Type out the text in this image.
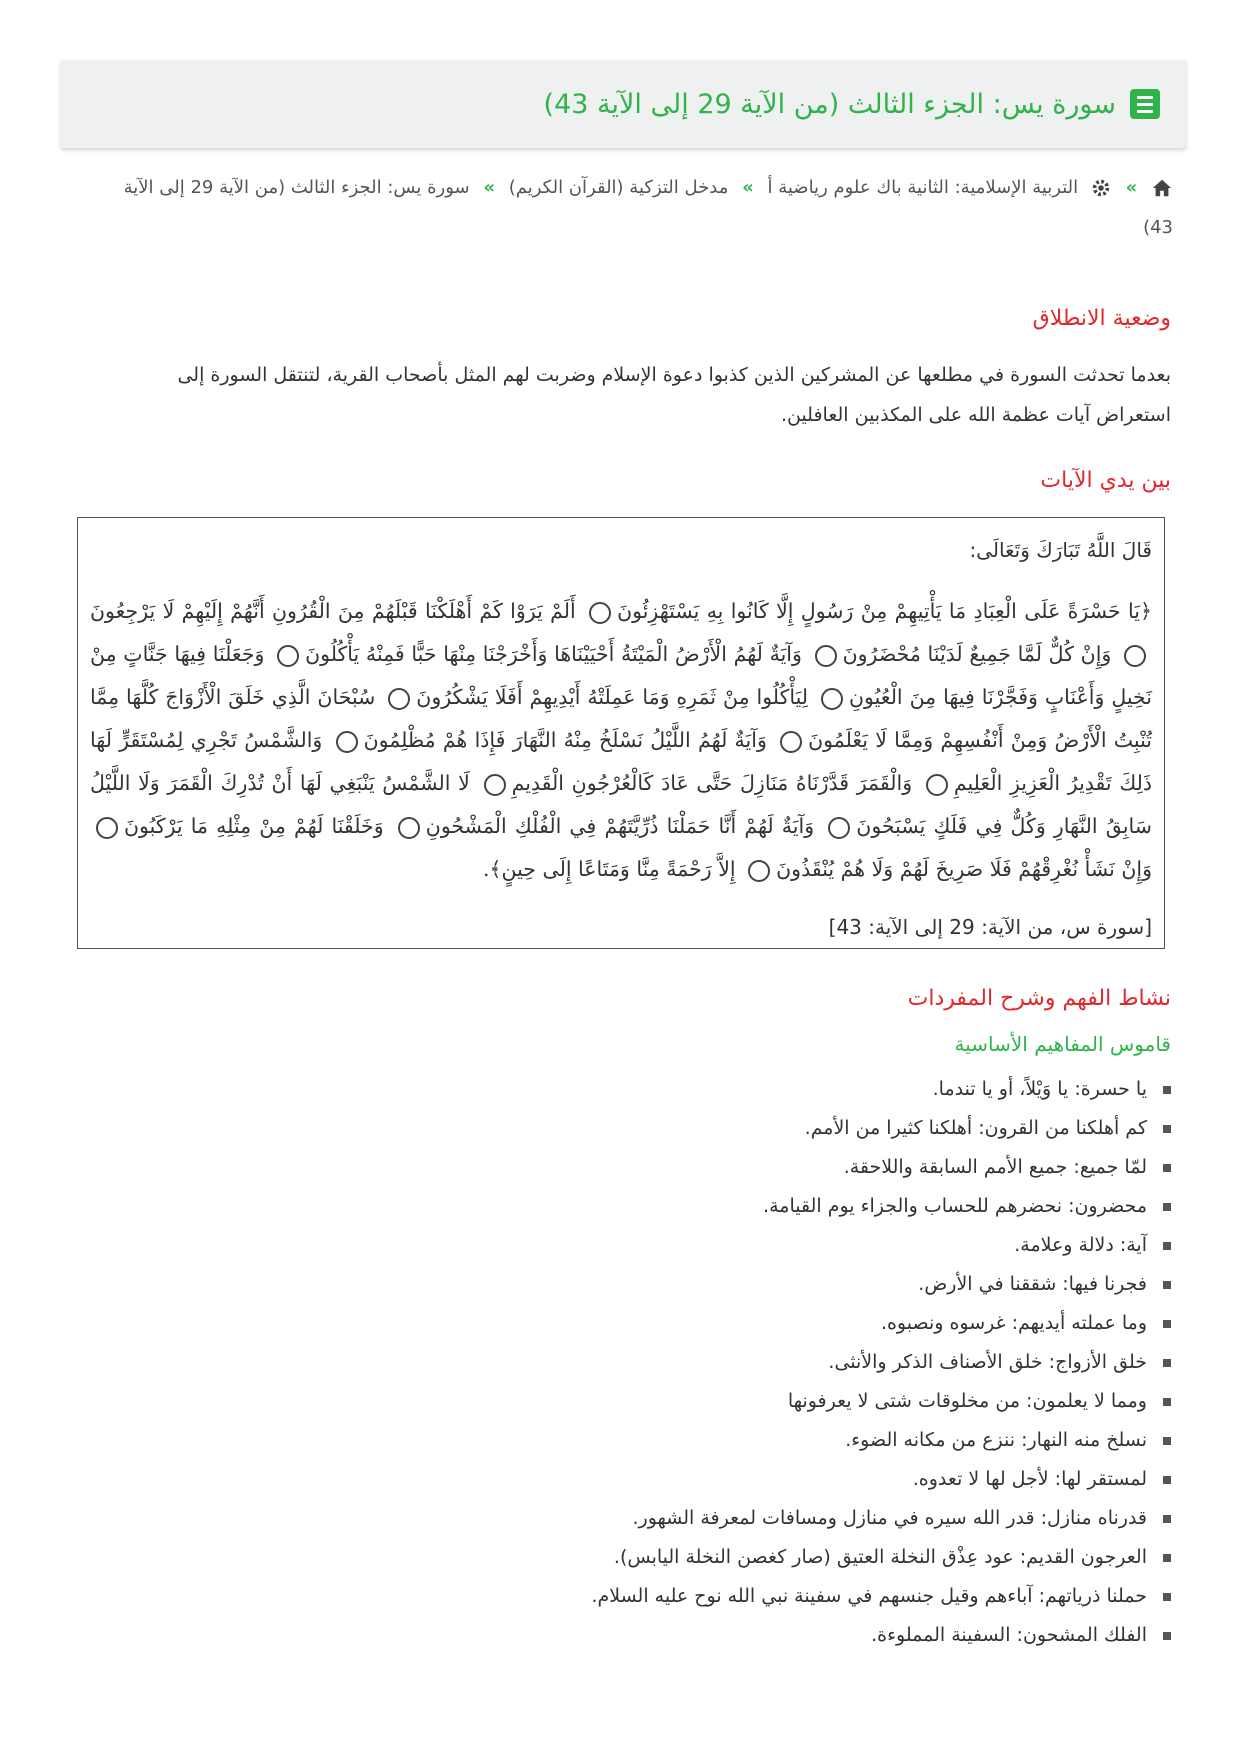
سورة يس: الجزء الثالث (من الآية 29 إلى الآية 43)
»  التربية الإسلامية: الثانية باك علوم رياضية أ » مدخل التزكية (القرآن الكريم) » سورة يس: الجزء الثالث (من الآية 29 إلى الآية 43)
وضعية الانطلاق
بعدما تحدثت السورة في مطلعها عن المشركين الذين كذبوا دعوة الإسلام وضربت لهم المثل بأصحاب القرية، لتنتقل السورة إلى استعراض آيات عظمة الله على المكذبين العافلين.
بين يدي الآيات
قَالَ اللَّهُ تَبَارَكَ وَتَعَالَى:
﴿يَا حَسْرَةً عَلَى الْعِبَادِ مَا يَأْتِيهِمْ مِنْ رَسُولٍ إِلَّا كَانُوا بِهِ يَسْتَهْزِئُونَ أَلَمْ يَرَوْا كَمْ أَهْلَكْنَا قَبْلَهُمْ مِنَ الْقُرُونِ أَنَّهُمْ إِلَيْهِمْ لَا يَرْجِعُونَ وَإِنْ كُلٌّ لَمَّا جَمِيعٌ لَدَيْنَا مُحْضَرُونَ وَآيَةٌ لَهُمُ الْأَرْضُ الْمَيْتَةُ أَحْيَيْنَاهَا وَأَخْرَجْنَا مِنْهَا حَبًّا فَمِنْهُ يَأْكُلُونَ وَجَعَلْنَا فِيهَا جَنَّاتٍ مِنْ نَخِيلٍ وَأَعْنَابٍ وَفَجَّرْنَا فِيهَا مِنَ الْعُيُونِ لِيَأْكُلُوا مِنْ ثَمَرِهِ وَمَا عَمِلَتْهُ أَيْدِيهِمْ أَفَلَا يَشْكُرُونَ سُبْحَانَ الَّذِي خَلَقَ الْأَزْوَاجَ كُلَّهَا مِمَّا تُنْبِتُ الْأَرْضُ وَمِنْ أَنْفُسِهِمْ وَمِمَّا لَا يَعْلَمُونَ وَآيَةٌ لَهُمُ اللَّيْلُ نَسْلَخُ مِنْهُ النَّهَارَ فَإِذَا هُمْ مُظْلِمُونَ وَالشَّمْسُ تَجْرِي لِمُسْتَقَرٍّ لَهَا ذَلِكَ تَقْدِيرُ الْعَزِيزِ الْعَلِيمِ وَالْقَمَرَ قَدَّرْنَاهُ مَنَازِلَ حَتَّى عَادَ كَالْعُرْجُونِ الْقَدِيمِ لَا الشَّمْسُ يَنْبَغِي لَهَا أَنْ تُدْرِكَ الْقَمَرَ وَلَا اللَّيْلُ سَابِقُ النَّهَارِ وَكُلٌّ فِي فَلَكٍ يَسْبَحُونَ وَآيَةٌ لَهُمْ أَنَّا حَمَلْنَا ذُرِّيَّتَهُمْ فِي الْفُلْكِ الْمَشْحُونِ وَخَلَقْنَا لَهُمْ مِنْ مِثْلِهِ مَا يَرْكَبُونَ وَإِنْ نَشَأْ نُغْرِقْهُمْ فَلَا صَرِيخَ لَهُمْ وَلَا هُمْ يُنْقَذُونَ إِلاَّ رَحْمَةً مِنَّا وَمَتَاعًا إِلَى حِينٍ﴾.
[سورة س، من الآية: 29 إلى الآية: 43]
نشاط الفهم وشرح المفردات
قاموس المفاهيم الأساسية
يا حسرة: يا وَيْلاً، أو يا تندما.
كم أهلكنا من القرون: أهلكنا كثيرا من الأمم.
لمّا جميع: جميع الأمم السابقة واللاحقة.
محضرون: نحضرهم للحساب والجزاء يوم القيامة.
آية: دلالة وعلامة.
فجرنا فيها: شققنا في الأرض.
وما عملته أيديهم: غرسوه ونصبوه.
خلق الأزواج: خلق الأصناف الذكر والأنثى.
ومما لا يعلمون: من مخلوقات شتى لا يعرفونها
نسلخ منه النهار: ننزع من مكانه الضوء.
لمستقر لها: لأجل لها لا تعدوه.
قدرناه منازل: قدر الله سيره في منازل ومسافات لمعرفة الشهور.
العرجون القديم: عود عِذْق النخلة العتيق (صار كغصن النخلة اليابس).
حملنا ذرياتهم: آباءهم وقيل جنسهم في سفينة نبي الله نوح عليه السلام.
الفلك المشحون: السفينة المملوءة.
